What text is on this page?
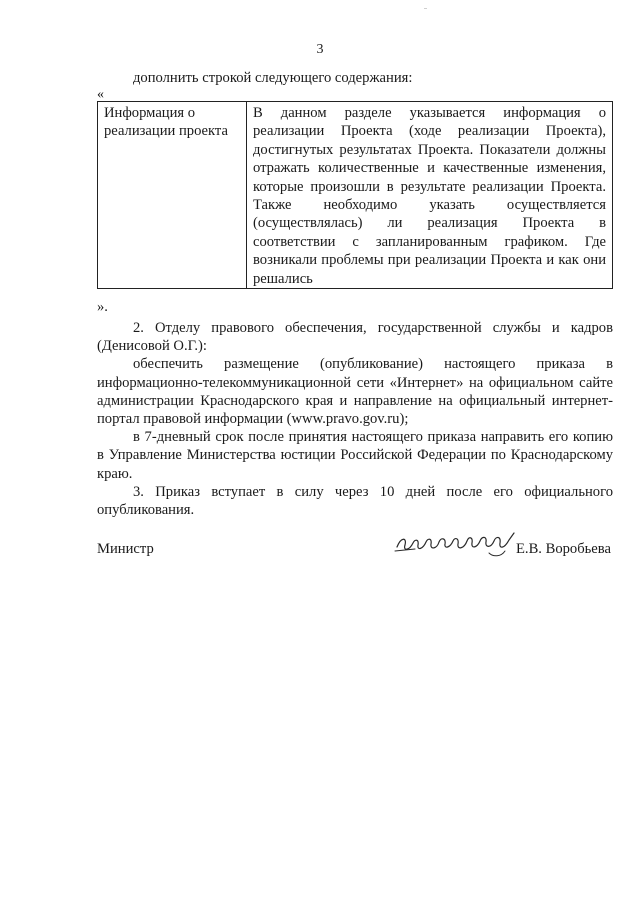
3
дополнить строкой следующего содержания:
«
Информация о реализации проекта	В данном разделе указывается информация о реализации Проекта (ходе реализации Проекта), достигнутых результатах Проекта. Показатели должны отражать количественные и качественные изменения, которые произошли в результате реализации Проекта. Также необходимо указать осуществляется (осуществлялась) ли реализация Проекта в соответствии с запланированным графиком. Где возникали проблемы при реализации Проекта и как они решались
».

2. Отделу правового обеспечения, государственной службы и кадров (Денисовой О.Г.):

обеспечить размещение (опубликование) настоящего приказа в информационно-телекоммуникационной сети «Интернет» на официальном сайте администрации Краснодарского края и направление на официальный интернет-портал правовой информации (www.pravo.gov.ru);

в 7-дневный срок после принятия настоящего приказа направить его копию в Управление Министерства юстиции Российской Федерации по Краснодарскому краю.

3. Приказ вступает в силу через 10 дней после его официального опубликования.

Министр	Е.В. Воробьева
